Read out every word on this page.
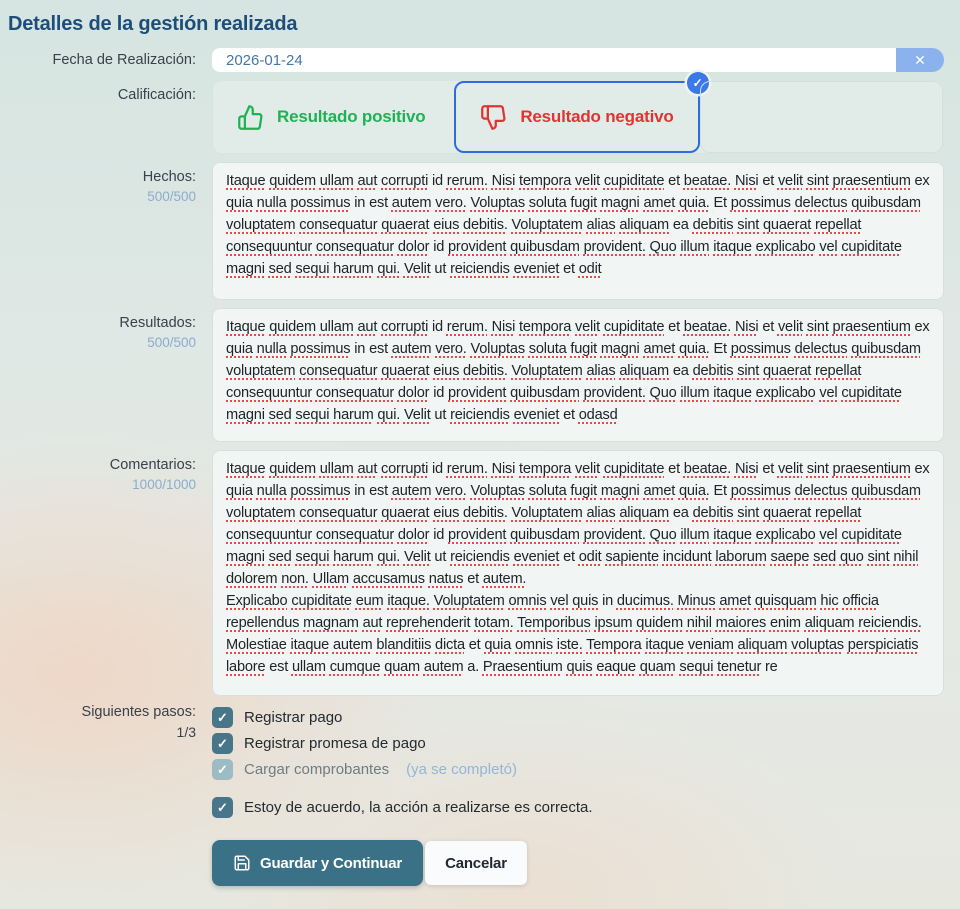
Detalles de la gestión realizada
Fecha de Realización:
2026-01-24	✕
Calificación:
Resultado positivo	Resultado negativo
✓
Hechos:
500/500
Itaque quidem ullam aut corrupti id rerum. Nisi tempora velit cupiditate et beatae. Nisi et velit sint praesentium ex quia nulla possimus in est autem vero. Voluptas soluta fugit magni amet quia. Et possimus delectus quibusdam voluptatem consequatur quaerat eius debitis. Voluptatem alias aliquam ea debitis sint quaerat repellat consequuntur consequatur dolor id provident quibusdam provident. Quo illum itaque explicabo vel cupiditate magni sed sequi harum qui. Velit ut reiciendis eveniet et odit
Resultados:
500/500
Itaque quidem ullam aut corrupti id rerum. Nisi tempora velit cupiditate et beatae. Nisi et velit sint praesentium ex quia nulla possimus in est autem vero. Voluptas soluta fugit magni amet quia. Et possimus delectus quibusdam voluptatem consequatur quaerat eius debitis. Voluptatem alias aliquam ea debitis sint quaerat repellat consequuntur consequatur dolor id provident quibusdam provident. Quo illum itaque explicabo vel cupiditate magni sed sequi harum qui. Velit ut reiciendis eveniet et odasd
Comentarios:
1000/1000
Itaque quidem ullam aut corrupti id rerum. Nisi tempora velit cupiditate et beatae. Nisi et velit sint praesentium ex quia nulla possimus in est autem vero. Voluptas soluta fugit magni amet quia. Et possimus delectus quibusdam voluptatem consequatur quaerat eius debitis. Voluptatem alias aliquam ea debitis sint quaerat repellat consequuntur consequatur dolor id provident quibusdam provident. Quo illum itaque explicabo vel cupiditate magni sed sequi harum qui. Velit ut reiciendis eveniet et odit sapiente incidunt laborum saepe sed quo sint nihil dolorem non. Ullam accusamus natus et autem.
Explicabo cupiditate eum itaque. Voluptatem omnis vel quis in ducimus. Minus amet quisquam hic officia repellendus magnam aut reprehenderit totam. Temporibus ipsum quidem nihil maiores enim aliquam reiciendis. Molestiae itaque autem blanditiis dicta et quia omnis iste. Tempora itaque veniam aliquam voluptas perspiciatis labore est ullam cumque quam autem a. Praesentium quis eaque quam sequi tenetur re
Siguientes pasos:
1/3
✓ Registrar pago
✓ Registrar promesa de pago
✓ Cargar comprobantes (ya se completó)
✓ Estoy de acuerdo, la acción a realizarse es correcta.
Guardar y Continuar	Cancelar
